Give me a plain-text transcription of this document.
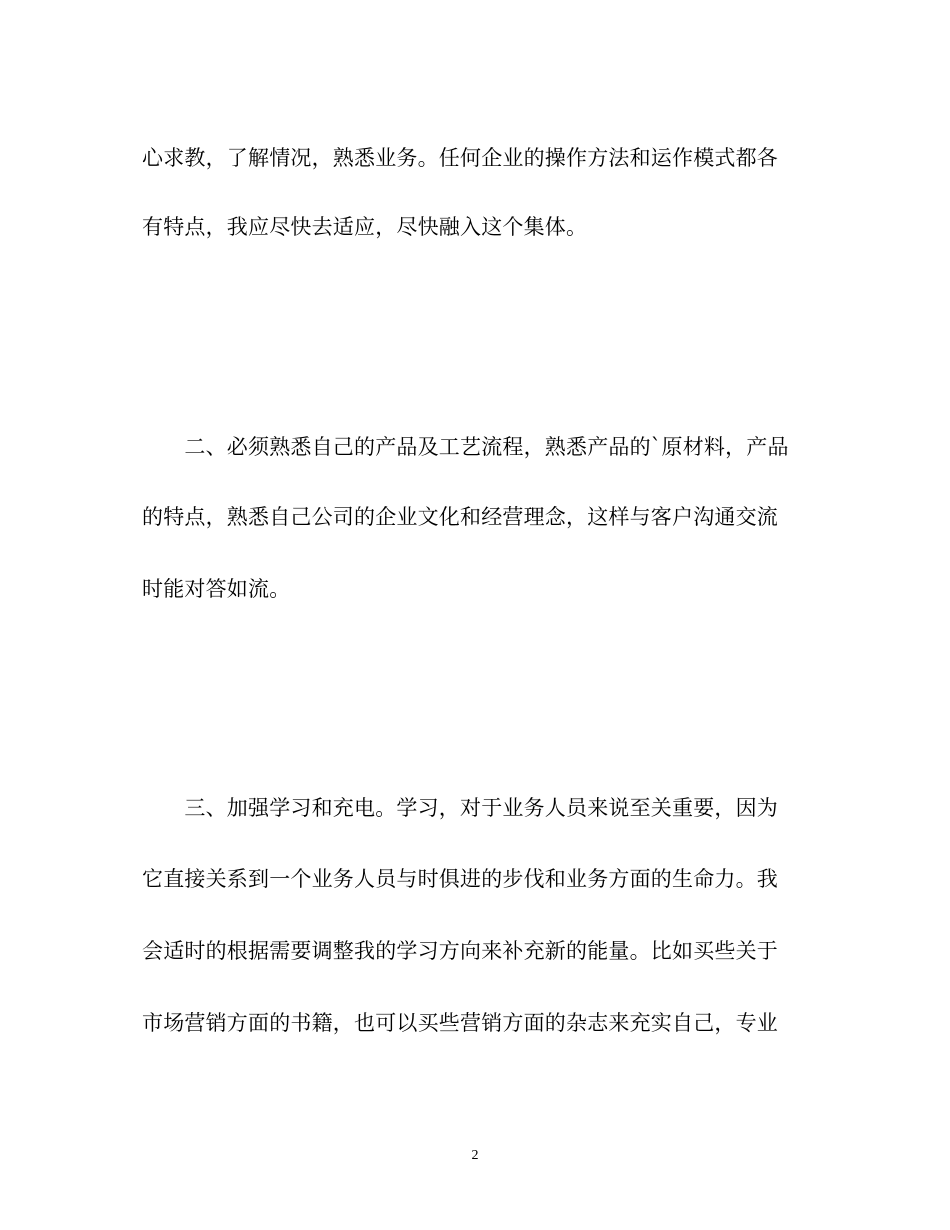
心求教，了解情况，熟悉业务。任何企业的操作方法和运作模式都各
有特点，我应尽快去适应，尽快融入这个集体。
　　二、必须熟悉自己的产品及工艺流程，熟悉产品的`原材料，产品
的特点，熟悉自己公司的企业文化和经营理念，这样与客户沟通交流
时能对答如流。
　　三、加强学习和充电。学习，对于业务人员来说至关重要，因为
它直接关系到一个业务人员与时俱进的步伐和业务方面的生命力。我
会适时的根据需要调整我的学习方向来补充新的能量。比如买些关于
市场营销方面的书籍，也可以买些营销方面的杂志来充实自己，专业
2
